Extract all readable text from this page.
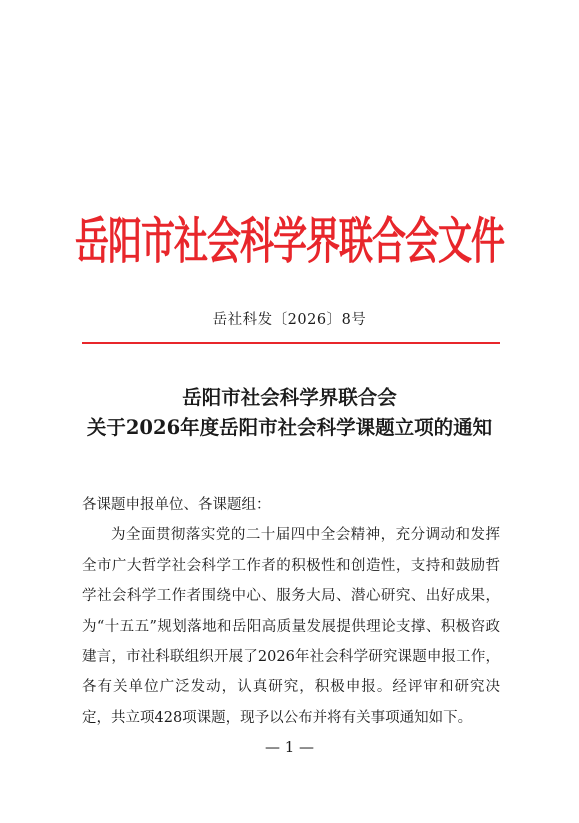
岳阳市社会科学界联合会文件
岳社科发〔2026〕8号
岳阳市社会科学界联合会
关于2026年度岳阳市社会科学课题立项的通知

各课题申报单位、各课题组：

为全面贯彻落实党的二十届四中全会精神，充分调动和发挥全市广大哲学社会科学工作者的积极性和创造性，支持和鼓励哲学社会科学工作者围绕中心、服务大局、潜心研究、出好成果，为“十五五”规划落地和岳阳高质量发展提供理论支撑、积极咨政建言，市社科联组织开展了2026年社会科学研究课题申报工作，各有关单位广泛发动，认真研究，积极申报。经评审和研究决定，共立项428项课题，现予以公布并将有关事项通知如下。

— 1 —
